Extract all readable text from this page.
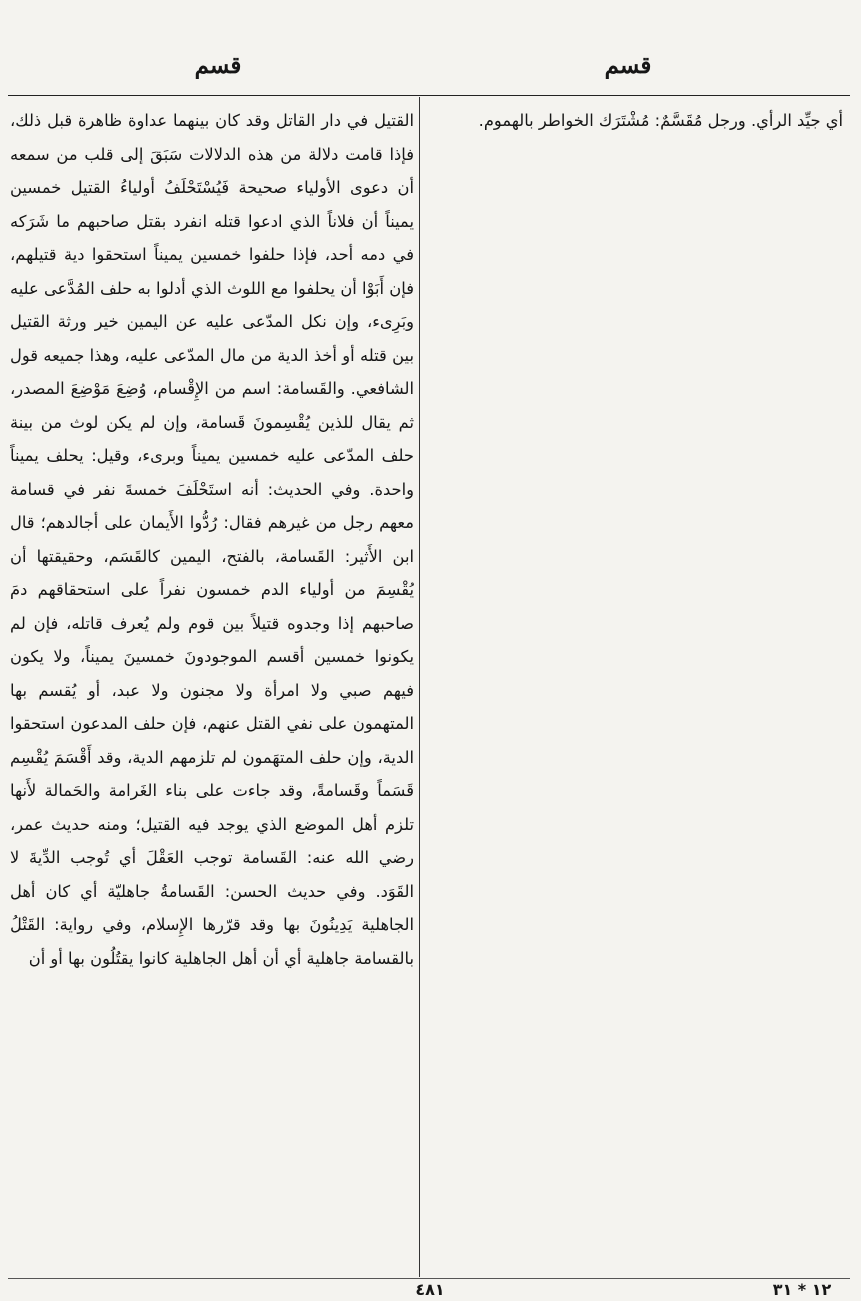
قسم
قسم

أي جيِّد الرأي. ورجل مُقَسَّمٌ: مُشْتَرَك الخواطر بالهموم.

القتيل في دار القاتل وقد كان بينهما عداوة ظاهرة قبل ذلك، فإذا قامت دلالة من هذه الدلالات سَبَقَ إلى قلب من سمعه أن دعوى الأولياء صحيحة فَيُسْتَحْلَفُ أولياءُ القتيل خمسين يميناً أن فلاناً الذي ادعوا قتله انفرد بقتل صاحبهم ما شَرَكه في دمه أحد، فإذا حلفوا خمسين يميناً استحقوا دية قتيلهم، فإن أَبَوْا أن يحلفوا مع اللوث الذي أدلوا به حلف المُدَّعى عليه وبَرِىء، وإن نكل المدّعى عليه عن اليمين خير ورثة القتيل بين قتله أو أخذ الدية من مال المدّعى عليه، وهذا جميعه قول الشافعي. والقَسامة: اسم من الإِقْسام، وُضِعَ مَوْضِعَ المصدر، ثم يقال للذين يُقْسِمونَ قَسامة، وإن لم يكن لوث من بينة حلف المدّعى عليه خمسين يميناً وبرىء، وقيل: يحلف يميناً واحدة. وفي الحديث: أنه استَحْلَفَ خمسةَ نفر في قسامة معهم رجل من غيرهم فقال: رُدُّوا الأَيمان على أجالدهم؛ قال ابن الأَثير: القَسامة، بالفتح، اليمين كالقَسَم، وحقيقتها أن يُقْسِمَ من أولياء الدم خمسون نفراً على استحقاقهم دمَ صاحبهم إذا وجدوه قتيلاً بين قوم ولم يُعرف قاتله، فإن لم يكونوا خمسين أقسم الموجودونَ خمسينَ يميناً، ولا يكون فيهم صبي ولا امرأة ولا مجنون ولا عبد، أو يُقسم بها المتهمون على نفي القتل عنهم، فإن حلف المدعون استحقوا الدية، وإن حلف المتهَمون لم تلزمهم الدية، وقد أَقْسَمَ يُقْسِم قَسَماً وقَسامةً، وقد جاءت على بناء الغَرامة والحَمالة لأَنها تلزم أهل الموضع الذي يوجد فيه القتيل؛ ومنه حديث عمر، رضي الله عنه: القَسامة توجب العَقْلَ أي تُوجب الدِّيةَ لا القَوَد. وفي حديث الحسن: القَسامةُ جاهليّة أي كان أهل الجاهلية يَدِينُونَ بها وقد قرّرها الإِسلام، وفي رواية: القَتْلُ بالقسامة جاهلية أي أن أهل الجاهلية كانوا يقتُلُون بها أو أن

٤٨١	١٢ * ٣١
